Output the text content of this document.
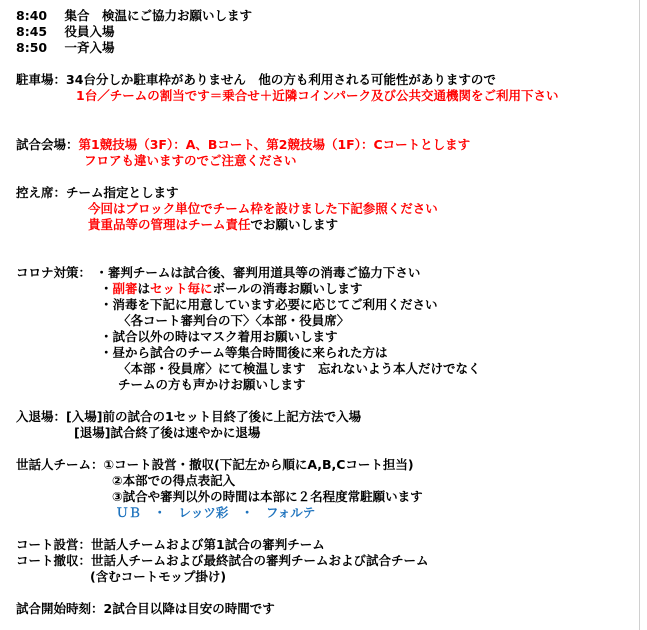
8:40 集合　検温にご協力お願いします
8:45 役員入場
8:50 一斉入場
駐車場：34台分しか駐車枠がありません　他の方も利用される可能性がありますので
1台／チームの割当です＝乗合せ＋近隣コインパーク及び公共交通機関をご利用下さい
試合会場：第1競技場（3F）：A、Bコート、第2競技場（1F）：Cコートとします
フロアも違いますのでご注意ください
控え席：チーム指定とします
今回はブロック単位でチーム枠を設けました下記参照ください
貴重品等の管理はチーム責任でお願いします
コロナ対策： ・審判チームは試合後、審判用道具等の消毒ご協力下さい
・副審はセット毎にボールの消毒お願いします
・消毒を下記に用意しています必要に応じてご利用ください
〈各コート審判台の下〉〈本部・役員席〉
・試合以外の時はマスク着用お願いします
・昼から試合のチーム等集合時間後に来られた方は
〈本部・役員席〉にて検温します　忘れないよう本人だけでなく
チームの方も声かけお願いします
入退場：[入場]前の試合の1セット目終了後に上記方法で入場
[退場]試合終了後は速やかに退場
世話人チーム：①コート設営・撤収(下記左から順にA,B,Cコート担当)
②本部での得点表記入
③試合や審判以外の時間は本部に２名程度常駐願います
ＵＢ　・　レッツ彩　・　フォルテ
コート設営：世話人チームおよび第1試合の審判チーム
コート撤収：世話人チームおよび最終試合の審判チームおよび試合チーム
(含むコートモップ掛け)
試合開始時刻：2試合目以降は目安の時間です
